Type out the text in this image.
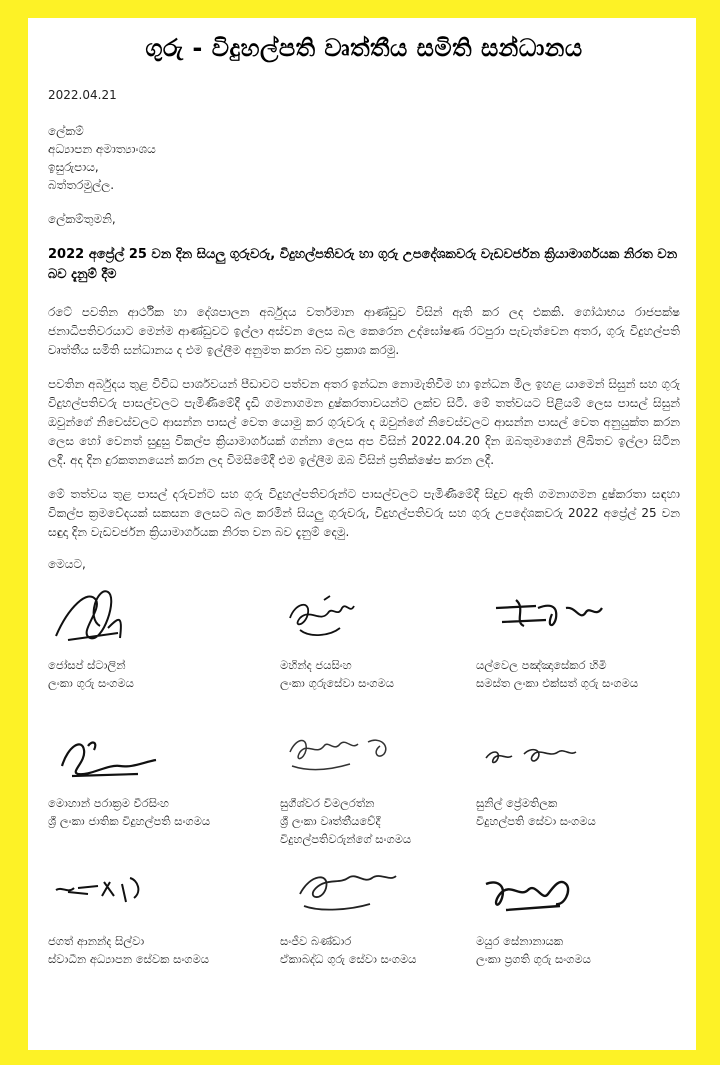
ගුරු - විදුහල්පති වෘත්තීය සමිති සන්ධානය
2022.04.21
ලේකම්
අධ්‍යාපන අමාත්‍යාංශය
ඉසුරුපාය,
බත්තරමුල්ල.
ලේකම්තුමනි,
2022 අප්‍රේල් 25 වන දින සියලු ගුරුවරු, විදුහල්පතිවරු හා ගුරු උපදේශකවරු වැඩවර්ජන ක්‍රියාමාර්ගයක නිරත වන බව දැනුම් දීම
රටේ පවතින ආර්ථික හා දේශපාලන අර්බුදය වර්තමාන ආණ්ඩුව විසින් ඇති කර ලද එකකි. ගෝඨාභය රාජපක්ෂ ජනාධිපතිවරයාට මෙන්ම ආණ්ඩුවට ඉල්ලා අස්වන ලෙස බල කෙරෙන උද්ඝෝෂණ රටපුරා පැවැත්වෙන අතර, ගුරු විදුහල්පති වෘත්තීය සමිති සන්ධානය ද එම ඉල්ලීම අනුමත කරන බව ප්‍රකාශ කරමු.
පවතින අර්බුදය තුළ විවිධ පාර්ශවයන් පීඩාවට පත්වන අතර ඉන්ධන නොමැතිවීම හා ඉන්ධන මිල ඉහළ යාමෙන් සිසුන් සහ ගුරු විදුහල්පතිවරු පාසල්වලට පැමිණීමේදී දැඩි ගමනාගමන දුෂ්කරතාවයන්ට ලක්ව සිටී. මේ තත්වයට පිළියම් ලෙස පාසල් සිසුන් ඔවුන්ගේ නිවෙස්වලට ආසන්න පාසල් වෙත යොමු කර ගුරුවරු ද ඔවුන්ගේ නිවෙස්වලට ආසන්න පාසල් වෙත අනුයුක්ත කරන ලෙස හෝ වෙනත් සුදුසු විකල්ප ක්‍රියාමාර්ගයක් ගන්නා ලෙස අප විසින් 2022.04.20 දින ඔබතුමාගෙන් ලිඛිතව ඉල්ලා සිටින ලදී. අද දින දුරකතනයෙන් කරන ලද විමසීමේදී එම ඉල්ලීම ඔබ විසින් ප්‍රතික්ෂේප කරන ලදී.
මේ තත්වය තුළ පාසල් දරුවන්ට සහ ගුරු විදුහල්පතිවරුන්ට පාසල්වලට පැමිණීමේදී සිදුව ඇති ගමනාගමන දුෂ්කරතා සඳහා විකල්ප ක්‍රමවේදයක් සකසන ලෙසට බල කරමින් සියලු ගුරුවරු, විදුහල්පතිවරු සහ ගුරු උපදේශකවරු 2022 අප්‍රේල් 25 වන සඳුදා දින වැඩවර්ජන ක්‍රියාමාර්ගයක නිරත වන බව දැනුම් දෙමු.
මෙයට,
ජෝසප් ස්ටාලින්
ලංකා ගුරු සංගමය
මහින්ද ජයසිංහ
ලංකා ගුරුසේවා සංගමය
යල්වෙල පඤ්ඤාසේකර හිමි
සමස්ත ලංකා එක්සත් ගුරු සංගමය
මොහාන් පරාක්‍රම වීරසිංහ
ශ්‍රී ලංකා ජාතික විදුහල්පති සංගමය
සුගීශ්වර විමලරත්න
ශ්‍රී ලංකා වෘත්තීයවේදී
විදුහල්පතිවරුන්ගේ සංගමය
සුනිල් ප්‍රේමතිලක
විදුහල්පති සේවා සංගමය
ජගත් ආනන්ද සිල්වා
ස්වාධීන අධ්‍යාපන සේවක සංගමය
සංජීව බණ්ඩාර
ඒකාබද්ධ ගුරු සේවා සංගමය
මයුර සේනානායක
ලංකා ප්‍රගති ගුරු සංගමය
